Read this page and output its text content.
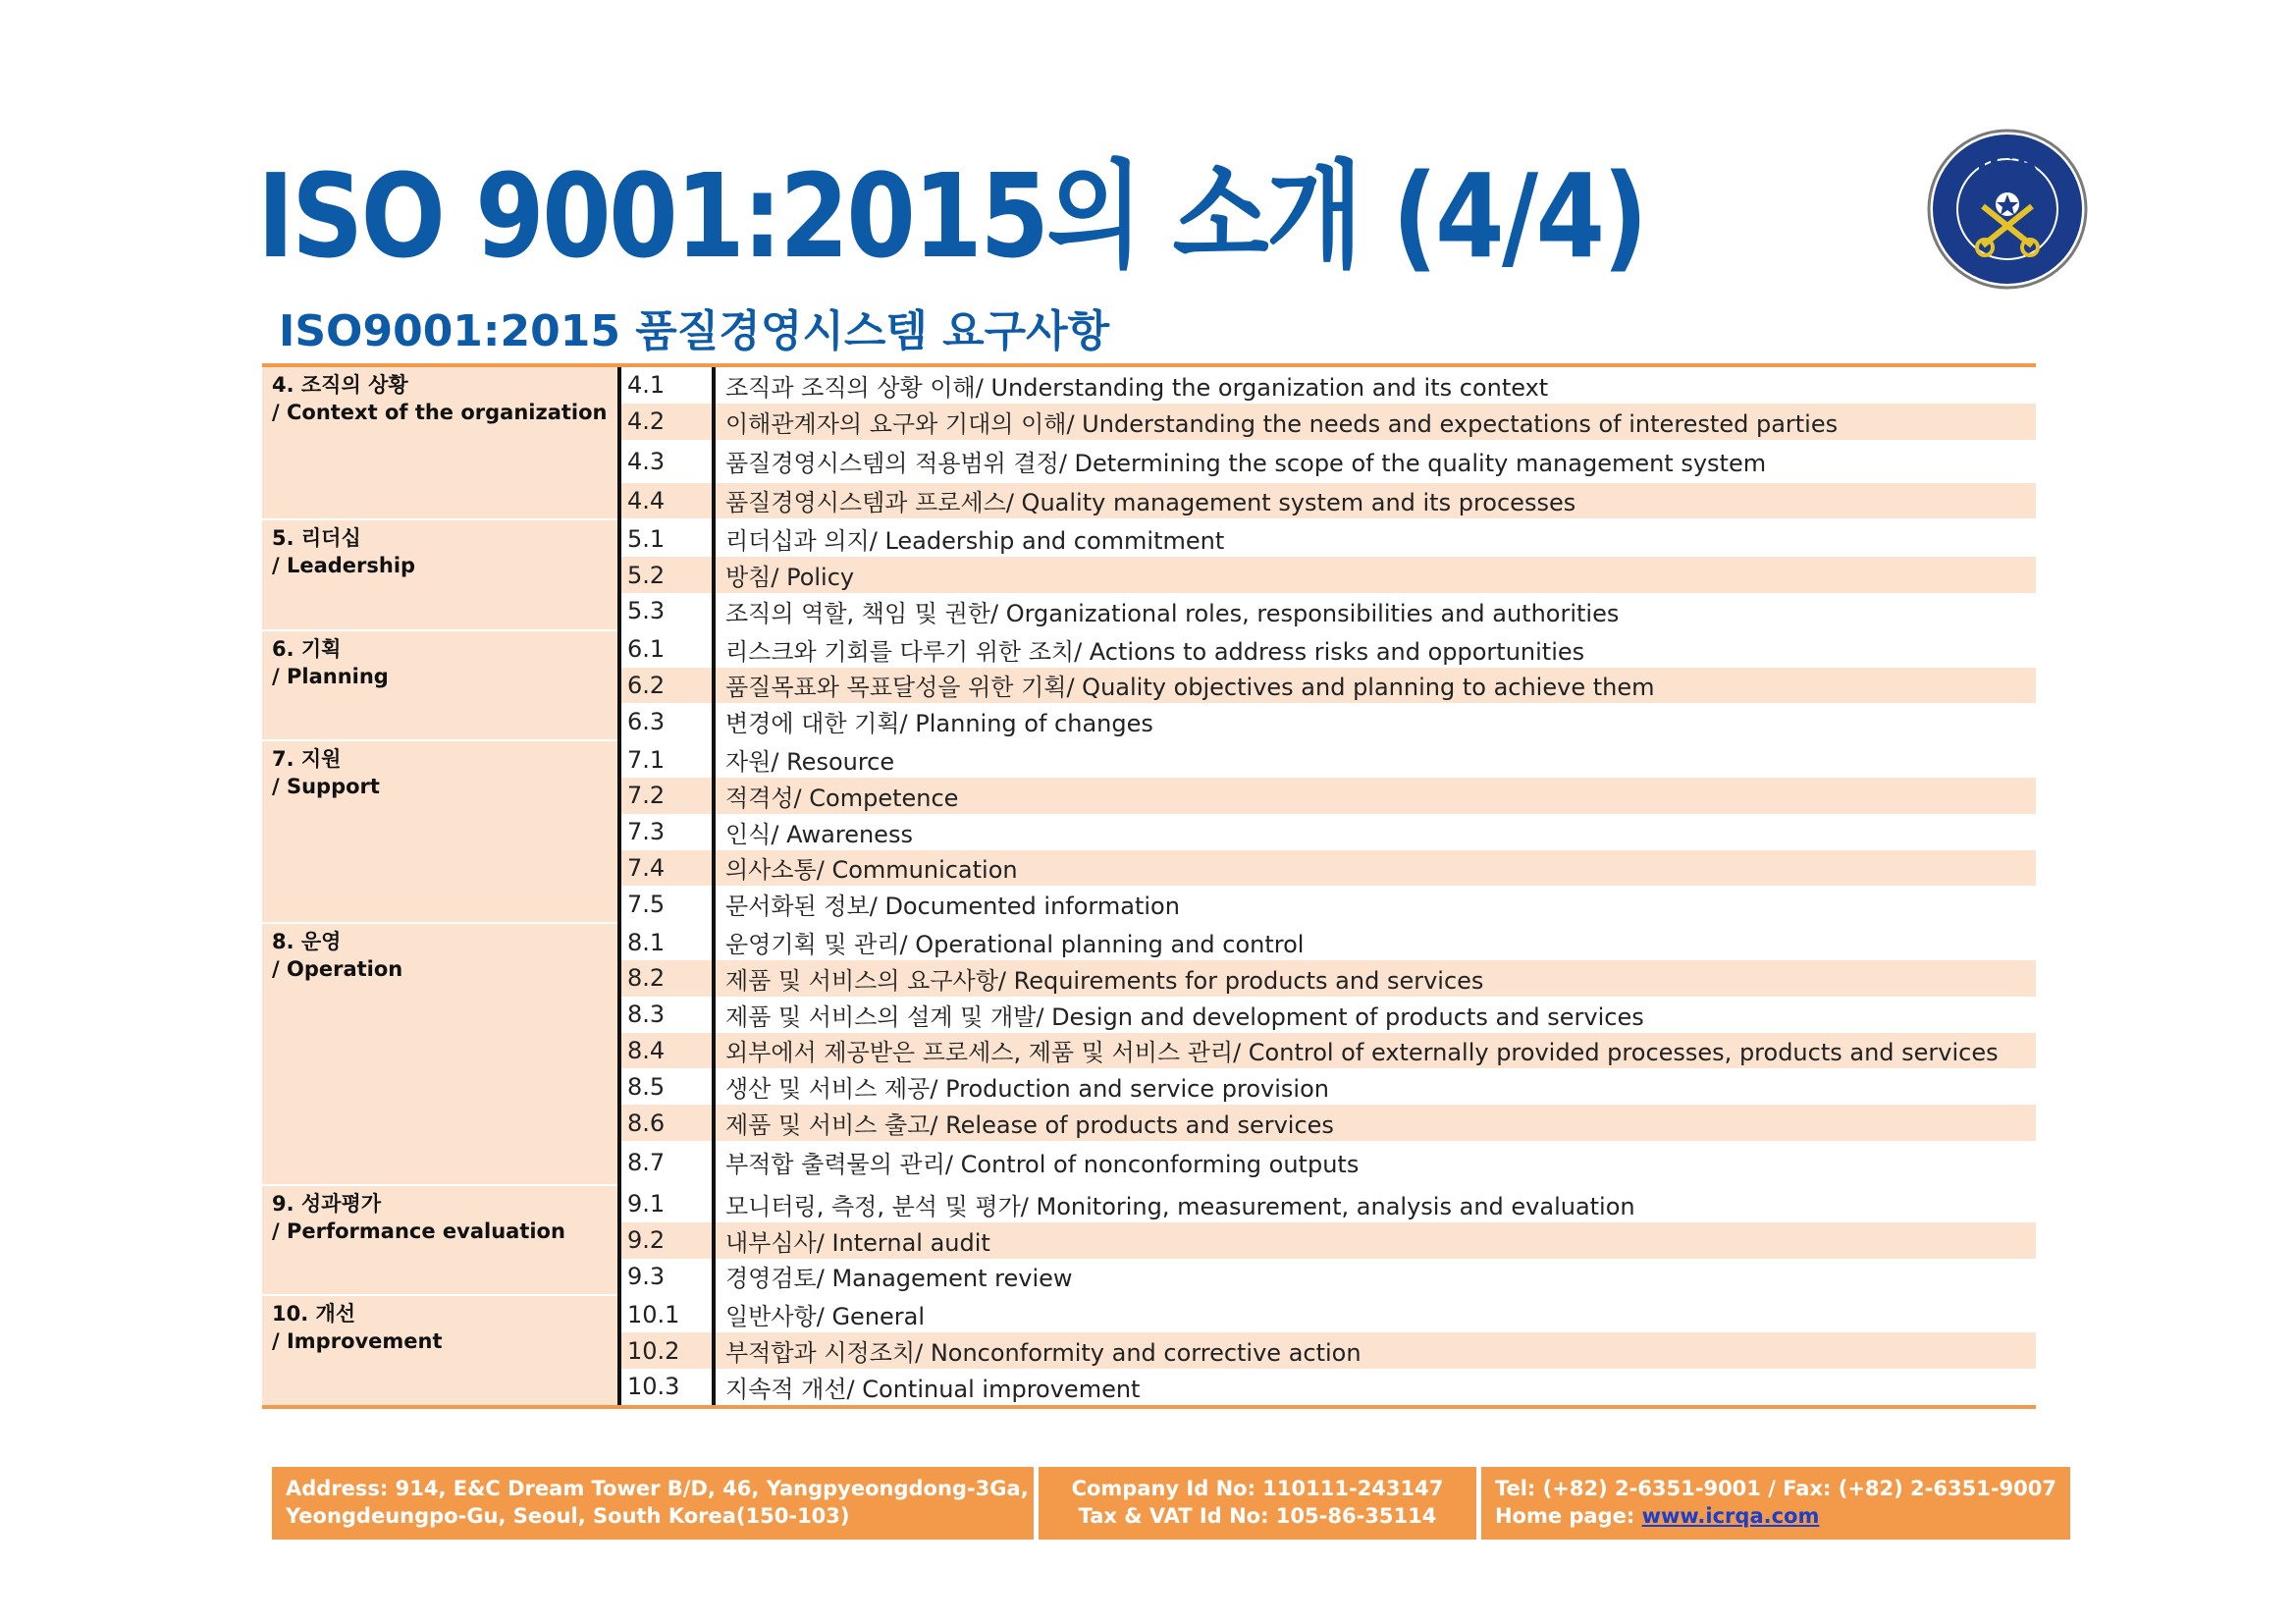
ISO 9001:2015의 소개 (4/4)
ISO9001:2015 품질경영시스템 요구사항
ICR
4. 조직의 상황
/ Context of the organization
4.1	조직과 조직의 상황 이해/ Understanding the organization and its context
4.2	이해관계자의 요구와 기대의 이해/ Understanding the needs and expectations of interested parties
4.3	품질경영시스템의 적용범위 결정/ Determining the scope of the quality management system
4.4	품질경영시스템과 프로세스/ Quality management system and its processes
5. 리더십
/ Leadership
5.1	리더십과 의지/ Leadership and commitment
5.2	방침/ Policy
5.3	조직의 역할, 책임 및 권한/ Organizational roles, responsibilities and authorities
6. 기획
/ Planning
6.1	리스크와 기회를 다루기 위한 조치/ Actions to address risks and opportunities
6.2	품질목표와 목표달성을 위한 기획/ Quality objectives and planning to achieve them
6.3	변경에 대한 기획/ Planning of changes
7. 지원
/ Support
7.1	자원/ Resource
7.2	적격성/ Competence
7.3	인식/ Awareness
7.4	의사소통/ Communication
7.5	문서화된 정보/ Documented information
8. 운영
/ Operation
8.1	운영기획 및 관리/ Operational planning and control
8.2	제품 및 서비스의 요구사항/ Requirements for products and services
8.3	제품 및 서비스의 설계 및 개발/ Design and development of products and services
8.4	외부에서 제공받은 프로세스, 제품 및 서비스 관리/ Control of externally provided processes, products and services
8.5	생산 및 서비스 제공/ Production and service provision
8.6	제품 및 서비스 출고/ Release of products and services
8.7	부적합 출력물의 관리/ Control of nonconforming outputs
9. 성과평가
/ Performance evaluation
9.1	모니터링, 측정, 분석 및 평가/ Monitoring, measurement, analysis and evaluation
9.2	내부심사/ Internal audit
9.3	경영검토/ Management review
10. 개선
/ Improvement
10.1	일반사항/ General
10.2	부적합과 시정조치/ Nonconformity and corrective action
10.3	지속적 개선/ Continual improvement
Address: 914, E&C Dream Tower B/D, 46, Yangpyeongdong-3Ga,
Yeongdeungpo-Gu, Seoul, South Korea(150-103)
Company Id No: 110111-243147
Tax & VAT Id No: 105-86-35114
Tel: (+82) 2-6351-9001 / Fax: (+82) 2-6351-9007
Home page: www.icrqa.com
